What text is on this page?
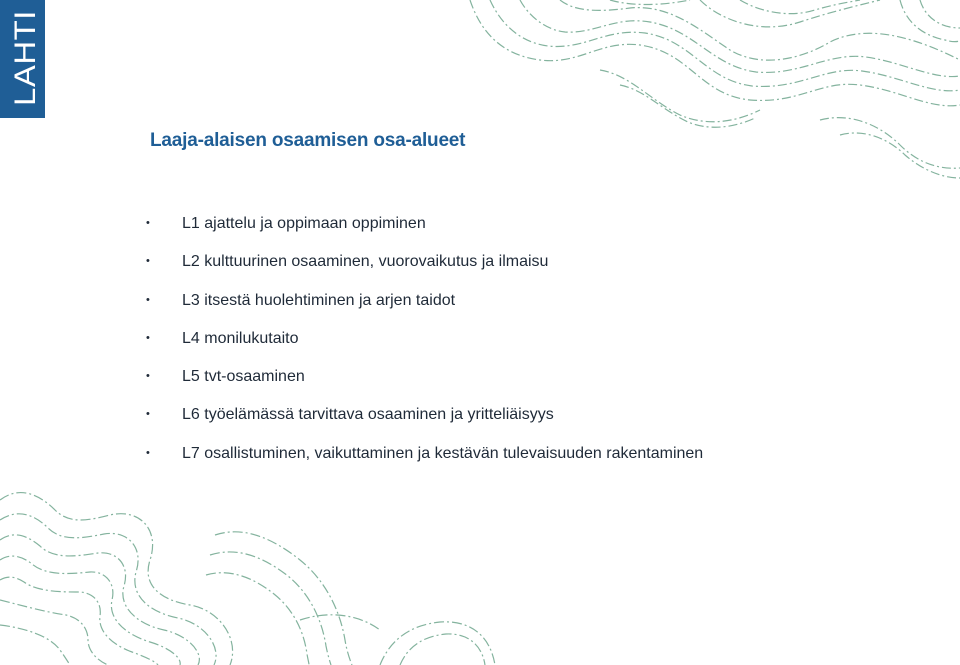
LAHTI
Laaja-alaisen osaamisen osa-alueet
•	L1 ajattelu ja oppimaan oppiminen
•	L2 kulttuurinen osaaminen, vuorovaikutus ja ilmaisu
•	L3 itsestä huolehtiminen ja arjen taidot
•	L4 monilukutaito
•	L5 tvt-osaaminen
•	L6 työelämässä tarvittava osaaminen ja yritteliäisyys
•	L7 osallistuminen, vaikuttaminen ja kestävän tulevaisuuden rakentaminen
